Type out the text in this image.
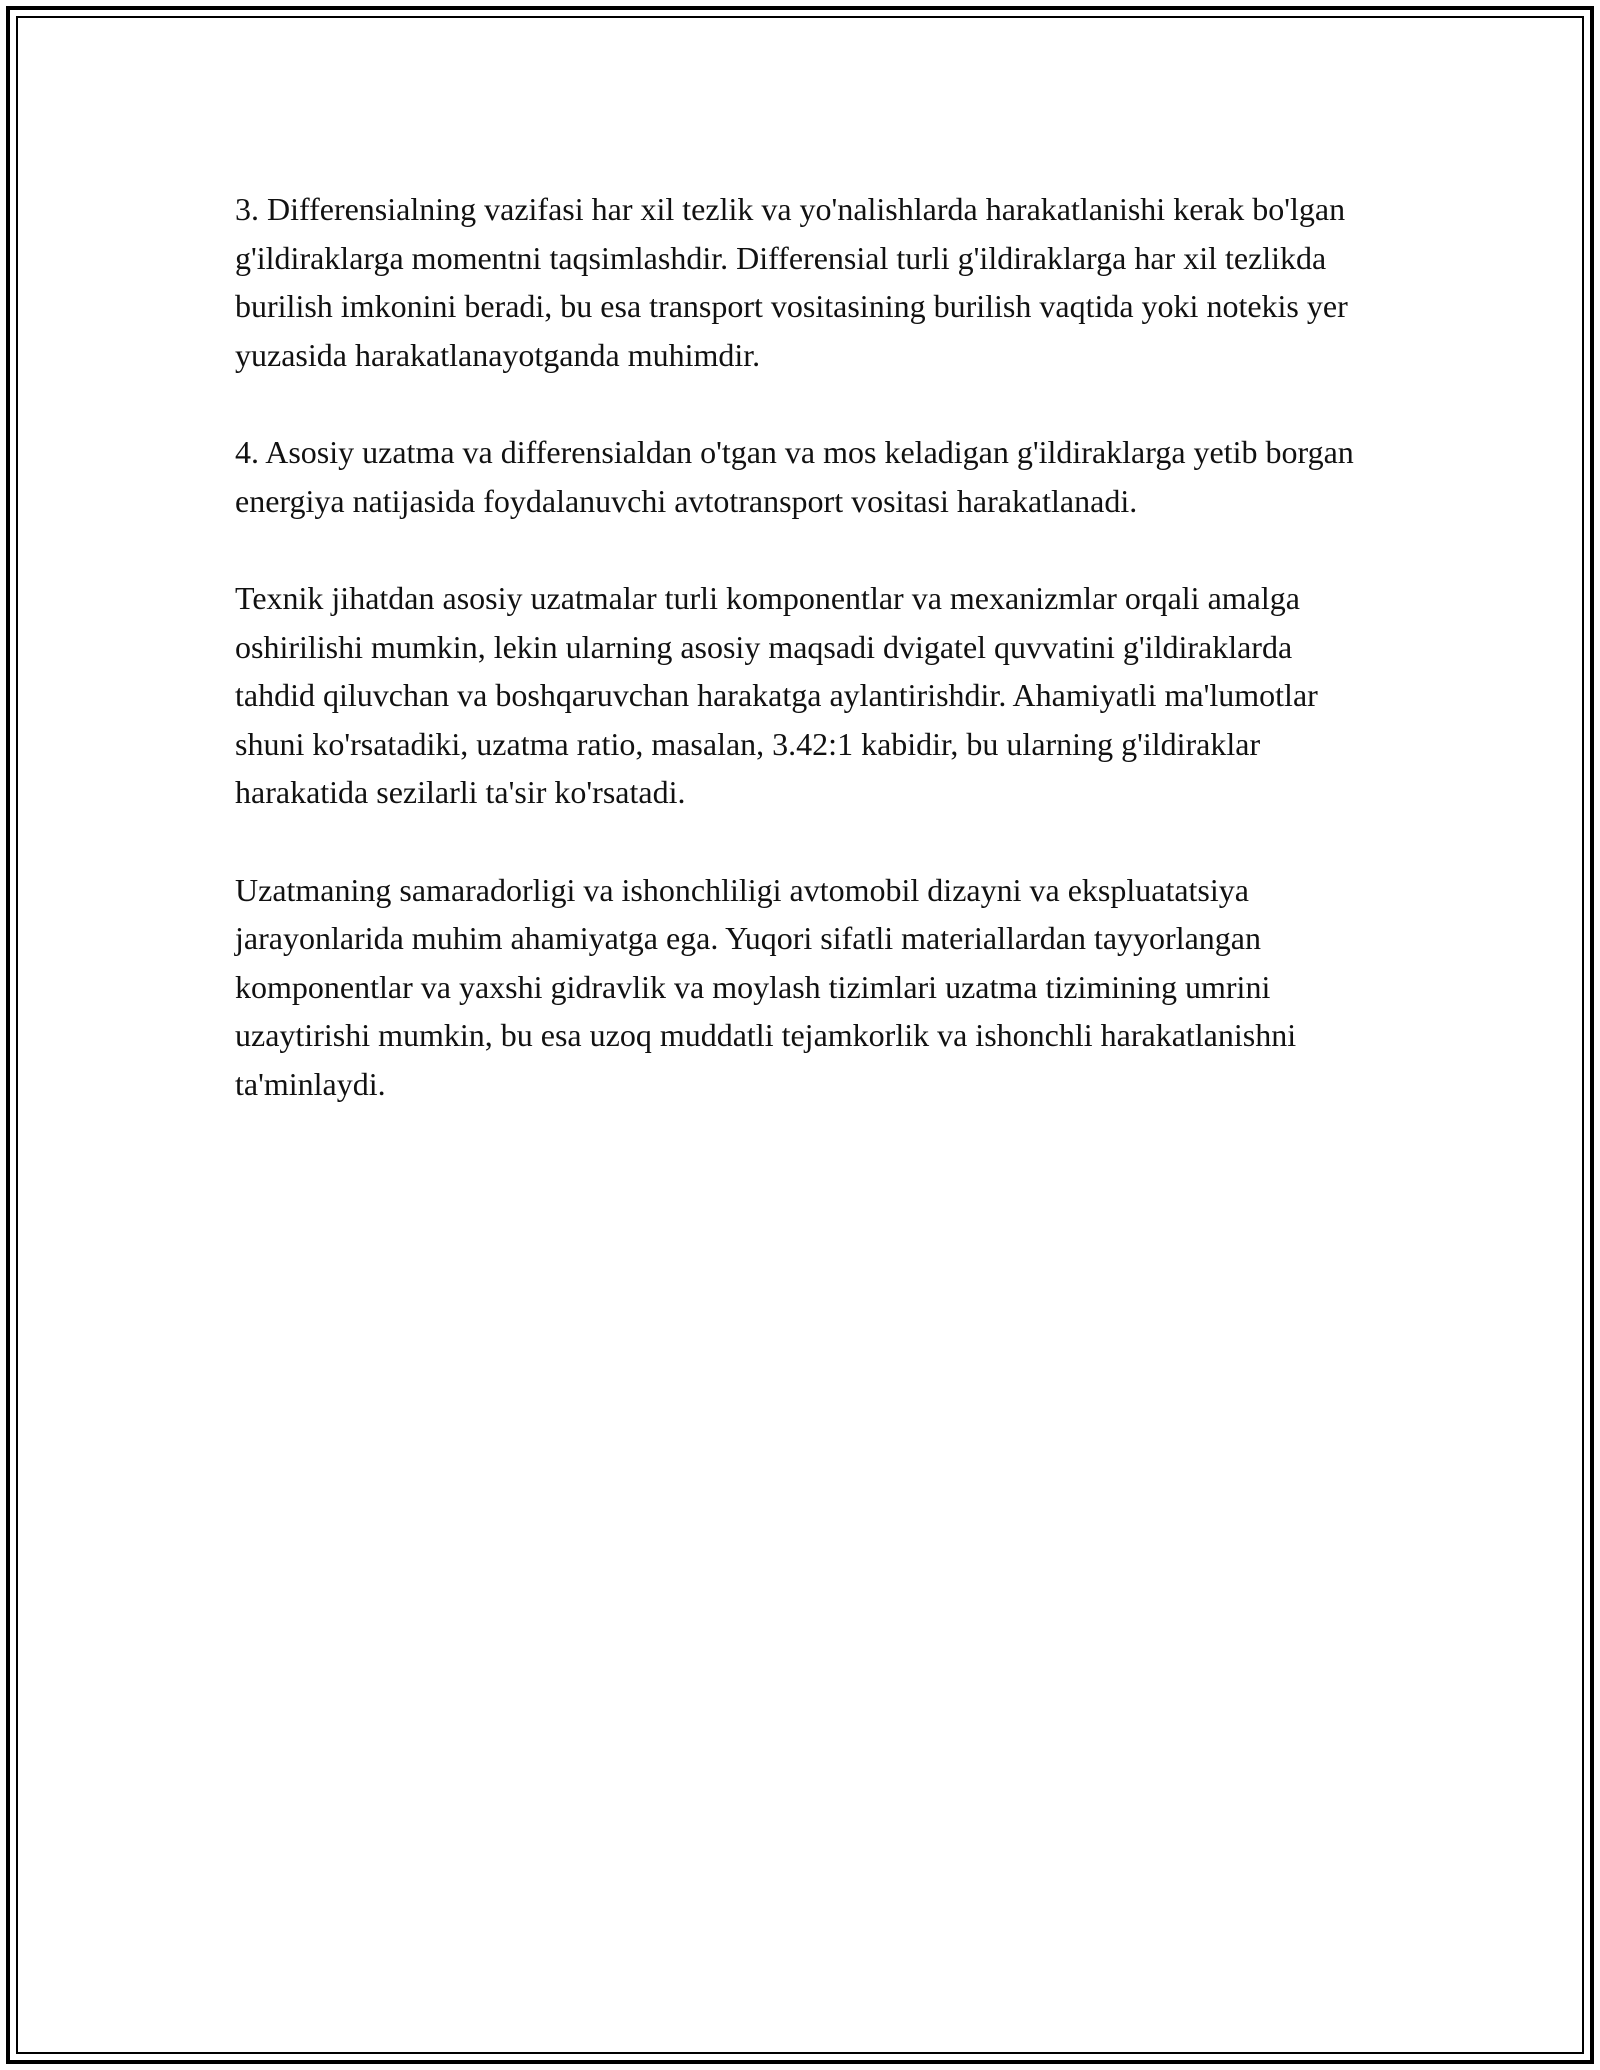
3. Differensialning vazifasi har xil tezlik va yo'nalishlarda harakatlanishi kerak bo'lgan g'ildiraklarga momentni taqsimlashdir. Differensial turli g'ildiraklarga har xil tezlikda burilish imkonini beradi, bu esa transport vositasining burilish vaqtida yoki notekis yer yuzasida harakatlanayotganda muhimdir.

4. Asosiy uzatma va differensialdan o'tgan va mos keladigan g'ildiraklarga yetib borgan energiya natijasida foydalanuvchi avtotransport vositasi harakatlanadi.

Texnik jihatdan asosiy uzatmalar turli komponentlar va mexanizmlar orqali amalga oshirilishi mumkin, lekin ularning asosiy maqsadi dvigatel quvvatini g'ildiraklarda tahdid qiluvchan va boshqaruvchan harakatga aylantirishdir. Ahamiyatli ma'lumotlar shuni ko'rsatadiki, uzatma ratio, masalan, 3.42:1 kabidir, bu ularning g'ildiraklar harakatida sezilarli ta'sir ko'rsatadi.

Uzatmaning samaradorligi va ishonchliligi avtomobil dizayni va ekspluatatsiya jarayonlarida muhim ahamiyatga ega. Yuqori sifatli materiallardan tayyorlangan komponentlar va yaxshi gidravlik va moylash tizimlari uzatma tizimining umrini uzaytirishi mumkin, bu esa uzoq muddatli tejamkorlik va ishonchli harakatlanishni ta'minlaydi.
